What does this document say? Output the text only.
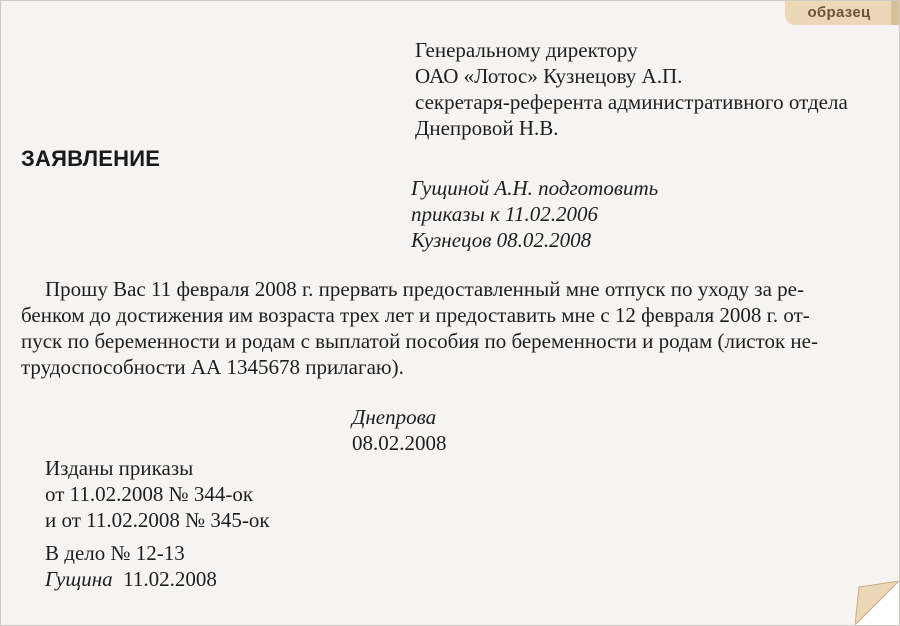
образец
Генеральному директору
ОАО «Лотос» Кузнецову А.П.
секретаря-референта административного отдела
Днепровой Н.В.
ЗАЯВЛЕНИЕ
Гущиной А.Н. подготовить
приказы к 11.02.2006
Кузнецов 08.02.2008
Прошу Вас 11 февраля 2008 г. прервать предоставленный мне отпуск по уходу за ре-
бенком до достижения им возраста трех лет и предоставить мне с 12 февраля 2008 г. от-
пуск по беременности и родам с выплатой пособия по беременности и родам (листок не-
трудоспособности АА 1345678 прилагаю).
Днепрова
08.02.2008
Изданы приказы
от 11.02.2008 № 344-ок
и от 11.02.2008 № 345-ок
В дело № 12-13
Гущина 11.02.2008
